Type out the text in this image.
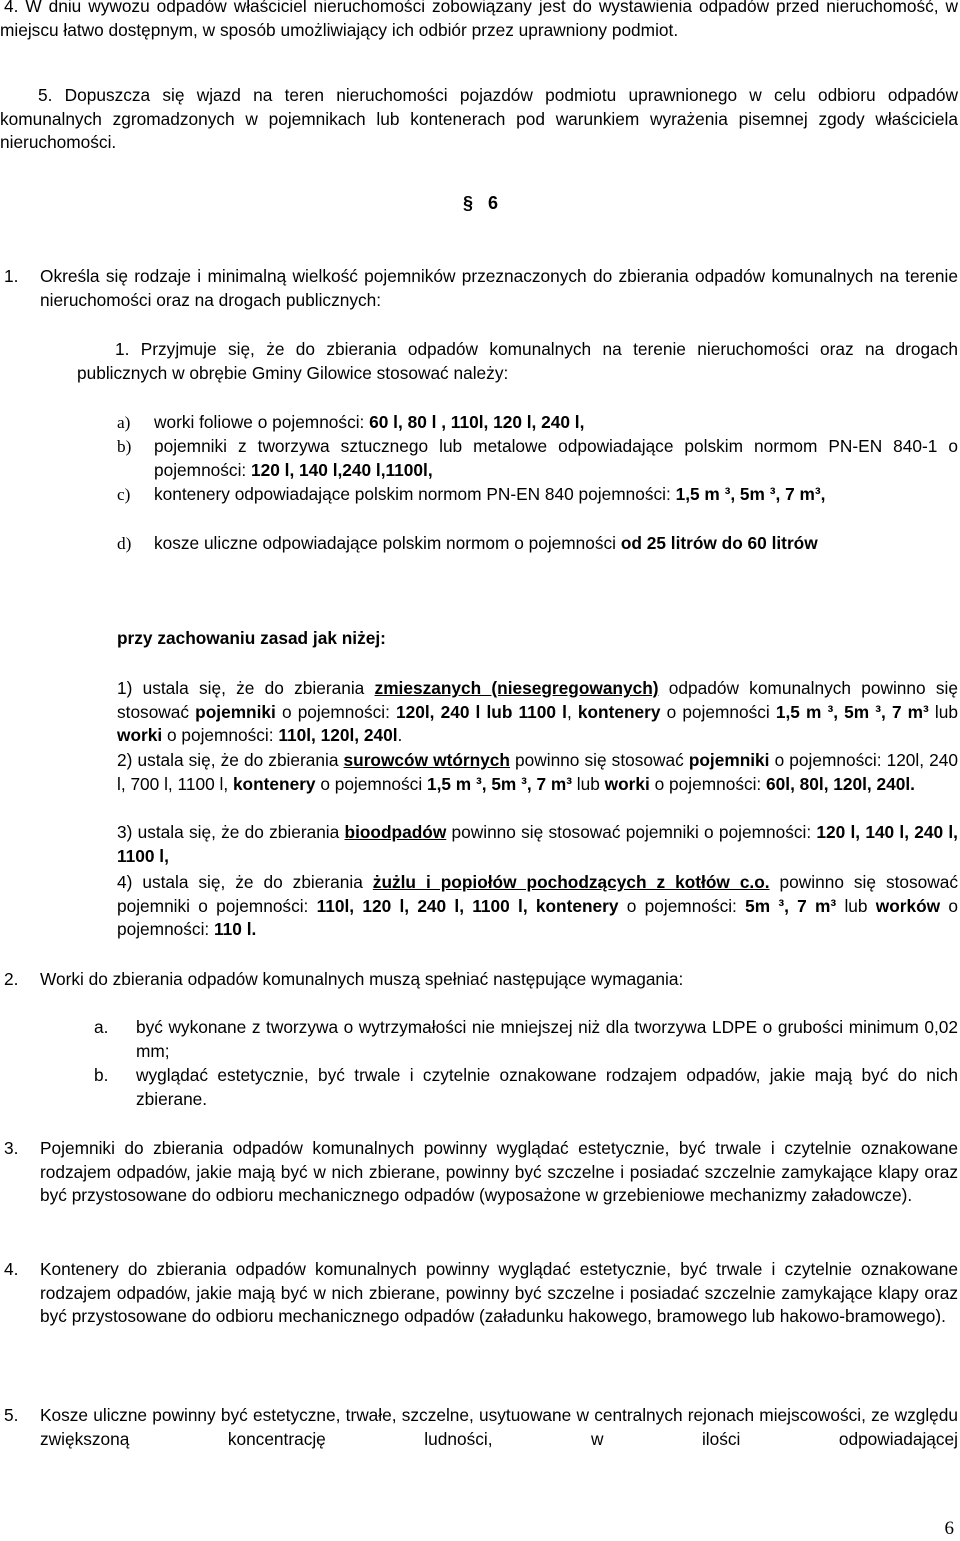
4. W dniu wywozu odpadów właściciel nieruchomości zobowiązany jest do wystawienia odpadów przed nieruchomość, w miejscu łatwo dostępnym, w sposób umożliwiający ich odbiór przez uprawniony podmiot.
5. Dopuszcza się wjazd na teren nieruchomości pojazdów podmiotu uprawnionego w celu odbioru odpadów komunalnych zgromadzonych w pojemnikach lub kontenerach pod warunkiem wyrażenia pisemnej zgody właściciela nieruchomości.
§ 6
1. Określa się rodzaje i minimalną wielkość pojemników przeznaczonych do zbierania odpadów komunalnych na terenie nieruchomości oraz na drogach publicznych:
1. Przyjmuje się, że do zbierania odpadów komunalnych na terenie nieruchomości oraz na drogach publicznych w obrębie Gminy Gilowice stosować należy:
a) worki foliowe o pojemności: 60 l, 80 l , 110l, 120 l, 240 l,
b) pojemniki z tworzywa sztucznego lub metalowe odpowiadające polskim normom PN-EN 840-1 o pojemności: 120 l, 140 l,240 l,1100l,
c) kontenery odpowiadające polskim normom PN-EN 840 pojemności: 1,5 m ³, 5m ³, 7 m³,
d) kosze uliczne odpowiadające polskim normom o pojemności od 25 litrów do 60 litrów
przy zachowaniu zasad jak niżej:
1) ustala się, że do zbierania zmieszanych (niesegregowanych) odpadów komunalnych powinno się stosować pojemniki o pojemności: 120l, 240 l lub 1100 l, kontenery o pojemności 1,5 m ³, 5m ³, 7 m³ lub worki o pojemności: 110l, 120l, 240l.
2) ustala się, że do zbierania surowców wtórnych powinno się stosować pojemniki o pojemności: 120l, 240 l, 700 l, 1100 l, kontenery o pojemności 1,5 m ³, 5m ³, 7 m³ lub worki o pojemności: 60l, 80l, 120l, 240l.
3) ustala się, że do zbierania bioodpadów powinno się stosować pojemniki o pojemności: 120 l, 140 l, 240 l, 1100 l,
4) ustala się, że do zbierania żużlu i popiołów pochodzących z kotłów c.o. powinno się stosować pojemniki o pojemności: 110l, 120 l, 240 l, 1100 l, kontenery o pojemności: 5m ³, 7 m³ lub worków o pojemności: 110 l.
2. Worki do zbierania odpadów komunalnych muszą spełniać następujące wymagania:
a. być wykonane z tworzywa o wytrzymałości nie mniejszej niż dla tworzywa LDPE o grubości minimum 0,02 mm;
b. wyglądać estetycznie, być trwale i czytelnie oznakowane rodzajem odpadów, jakie mają być do nich zbierane.
3. Pojemniki do zbierania odpadów komunalnych powinny wyglądać estetycznie, być trwale i czytelnie oznakowane rodzajem odpadów, jakie mają być w nich zbierane, powinny być szczelne i posiadać szczelnie zamykające klapy oraz być przystosowane do odbioru mechanicznego odpadów (wyposażone w grzebieniowe mechanizmy załadowcze).
4. Kontenery do zbierania odpadów komunalnych powinny wyglądać estetycznie, być trwale i czytelnie oznakowane rodzajem odpadów, jakie mają być w nich zbierane, powinny być szczelne i posiadać szczelnie zamykające klapy oraz być przystosowane do odbioru mechanicznego odpadów (załadunku hakowego, bramowego lub hakowo-bramowego).
5. Kosze uliczne powinny być estetyczne, trwałe, szczelne, usytuowane w centralnych rejonach miejscowości, ze względu zwiększoną koncentrację ludności, w ilości odpowiadającej
6
